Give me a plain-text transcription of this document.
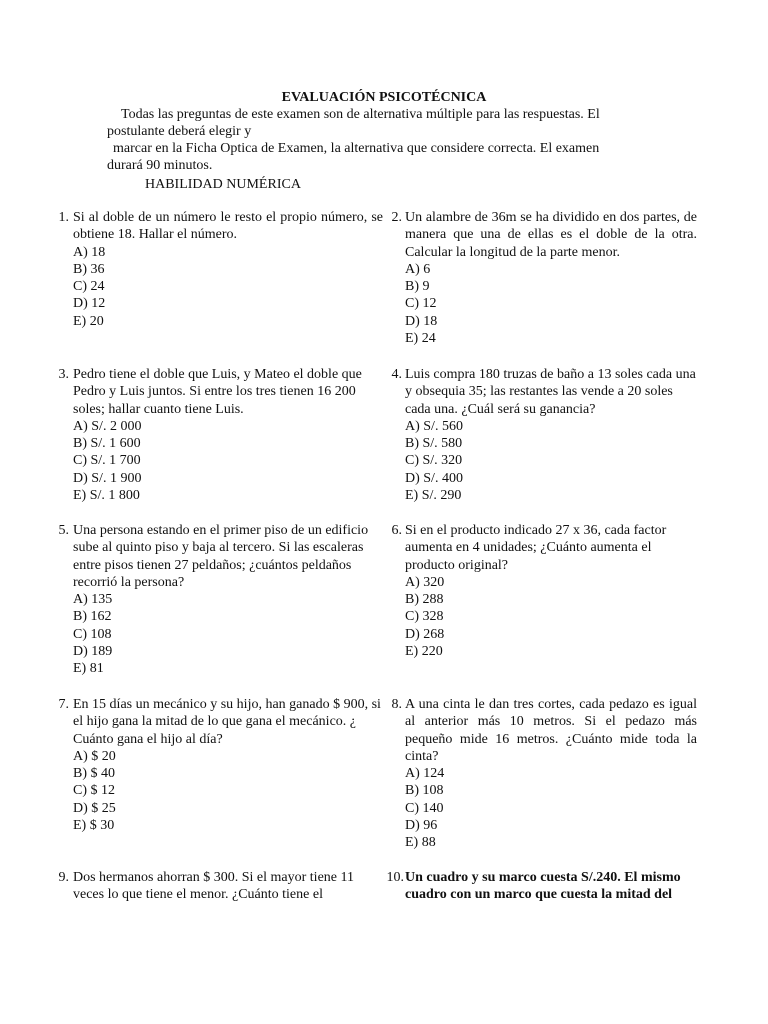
EVALUACIÓN PSICOTÉCNICA
Todas las preguntas de este examen son de alternativa múltiple para las respuestas. El
postulante deberá elegir y
marcar en la Ficha Optica de Examen, la alternativa que considere correcta. El examen
durará 90 minutos.
HABILIDAD NUMÉRICA
1. Si al doble de un número le resto el propio número, se obtiene 18. Hallar el número.
A) 18
B) 36
C) 24
D) 12
E) 20
2. Un alambre de 36m se ha dividido en dos partes, de manera que una de ellas es el doble de la otra. Calcular la longitud de la parte menor.
A) 6
B) 9
C) 12
D) 18
E) 24
3. Pedro tiene el doble que Luis, y Mateo el doble que Pedro y Luis juntos. Si entre los tres tienen 16 200 soles; hallar cuanto tiene Luis.
A) S/. 2 000
B) S/. 1 600
C) S/. 1 700
D) S/. 1 900
E) S/. 1 800
4. Luis compra 180 truzas de baño a 13 soles cada una y obsequia 35; las restantes las vende a 20 soles cada una. ¿Cuál será su ganancia?
A) S/. 560
B) S/. 580
C) S/. 320
D) S/. 400
E) S/. 290
5. Una persona estando en el primer piso de un edificio sube al quinto piso y baja al tercero. Si las escaleras entre pisos tienen 27 peldaños; ¿cuántos peldaños recorrió la persona?
A) 135
B) 162
C) 108
D) 189
E) 81
6. Si en el producto indicado 27 x 36, cada factor aumenta en 4 unidades; ¿Cuánto aumenta el producto original?
A) 320
B) 288
C) 328
D) 268
E) 220
7. En 15 días un mecánico y su hijo, han ganado $ 900, si el hijo gana la mitad de lo que gana el mecánico. ¿ Cuánto gana el hijo al día?
A) $ 20
B) $ 40
C) $ 12
D) $ 25
E) $ 30
8. A una cinta le dan tres cortes, cada pedazo es igual al anterior más 10 metros. Si el pedazo más pequeño mide 16 metros. ¿Cuánto mide toda la cinta?
A) 124
B) 108
C) 140
D) 96
E) 88
9. Dos hermanos ahorran $ 300. Si el mayor tiene 11 veces lo que tiene el menor. ¿Cuánto tiene el
10. Un cuadro y su marco cuesta S/.240. El mismo cuadro con un marco que cuesta la mitad del
